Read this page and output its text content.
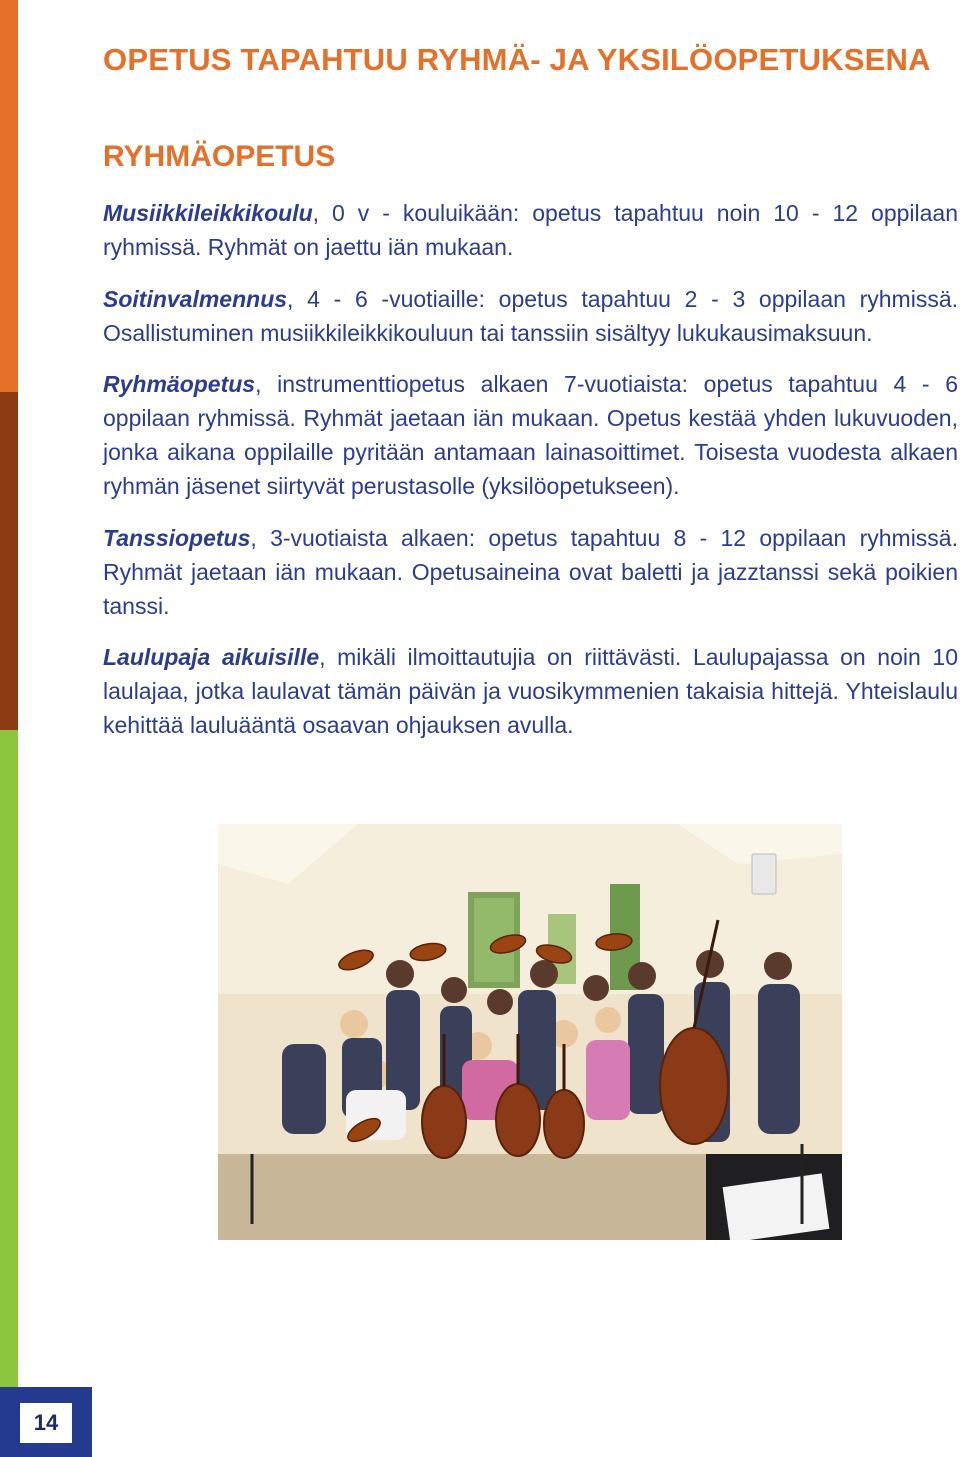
OPETUS TAPAHTUU RYHMÄ- JA YKSILÖOPETUKSENA
RYHMÄOPETUS

Musiikkileikkikoulu, 0 v - kouluikään: opetus tapahtuu noin 10 - 12 oppilaan ryhmissä. Ryhmät on jaettu iän mukaan.

Soitinvalmennus, 4 - 6 -vuotiaille: opetus tapahtuu 2 - 3 oppilaan ryhmissä. Osallistuminen musiikkileikkikouluun tai tanssiin sisältyy lukukausimaksuun.

Ryhmäopetus, instrumenttiopetus alkaen 7-vuotiaista: opetus tapahtuu 4 - 6 oppilaan ryhmissä. Ryhmät jaetaan iän mukaan. Opetus kestää yhden lukuvuoden, jonka aikana oppilaille pyritään antamaan lainasoittimet. Toisesta vuodesta alkaen ryhmän jäsenet siirtyvät perustasolle (yksilöopetukseen).

Tanssiopetus, 3-vuotiaista alkaen: opetus tapahtuu 8 - 12 oppilaan ryhmissä. Ryhmät jaetaan iän mukaan. Opetusaineina ovat baletti ja jazztanssi sekä poikien tanssi.

Laulupaja aikuisille, mikäli ilmoittautujia on riittävästi. Laulupajassa on noin 10 laulajaa, jotka laulavat tämän päivän ja vuosikymmenien takaisia hittejä. Yhteislaulu kehittää lauluääntä osaavan ohjauksen avulla.

14
